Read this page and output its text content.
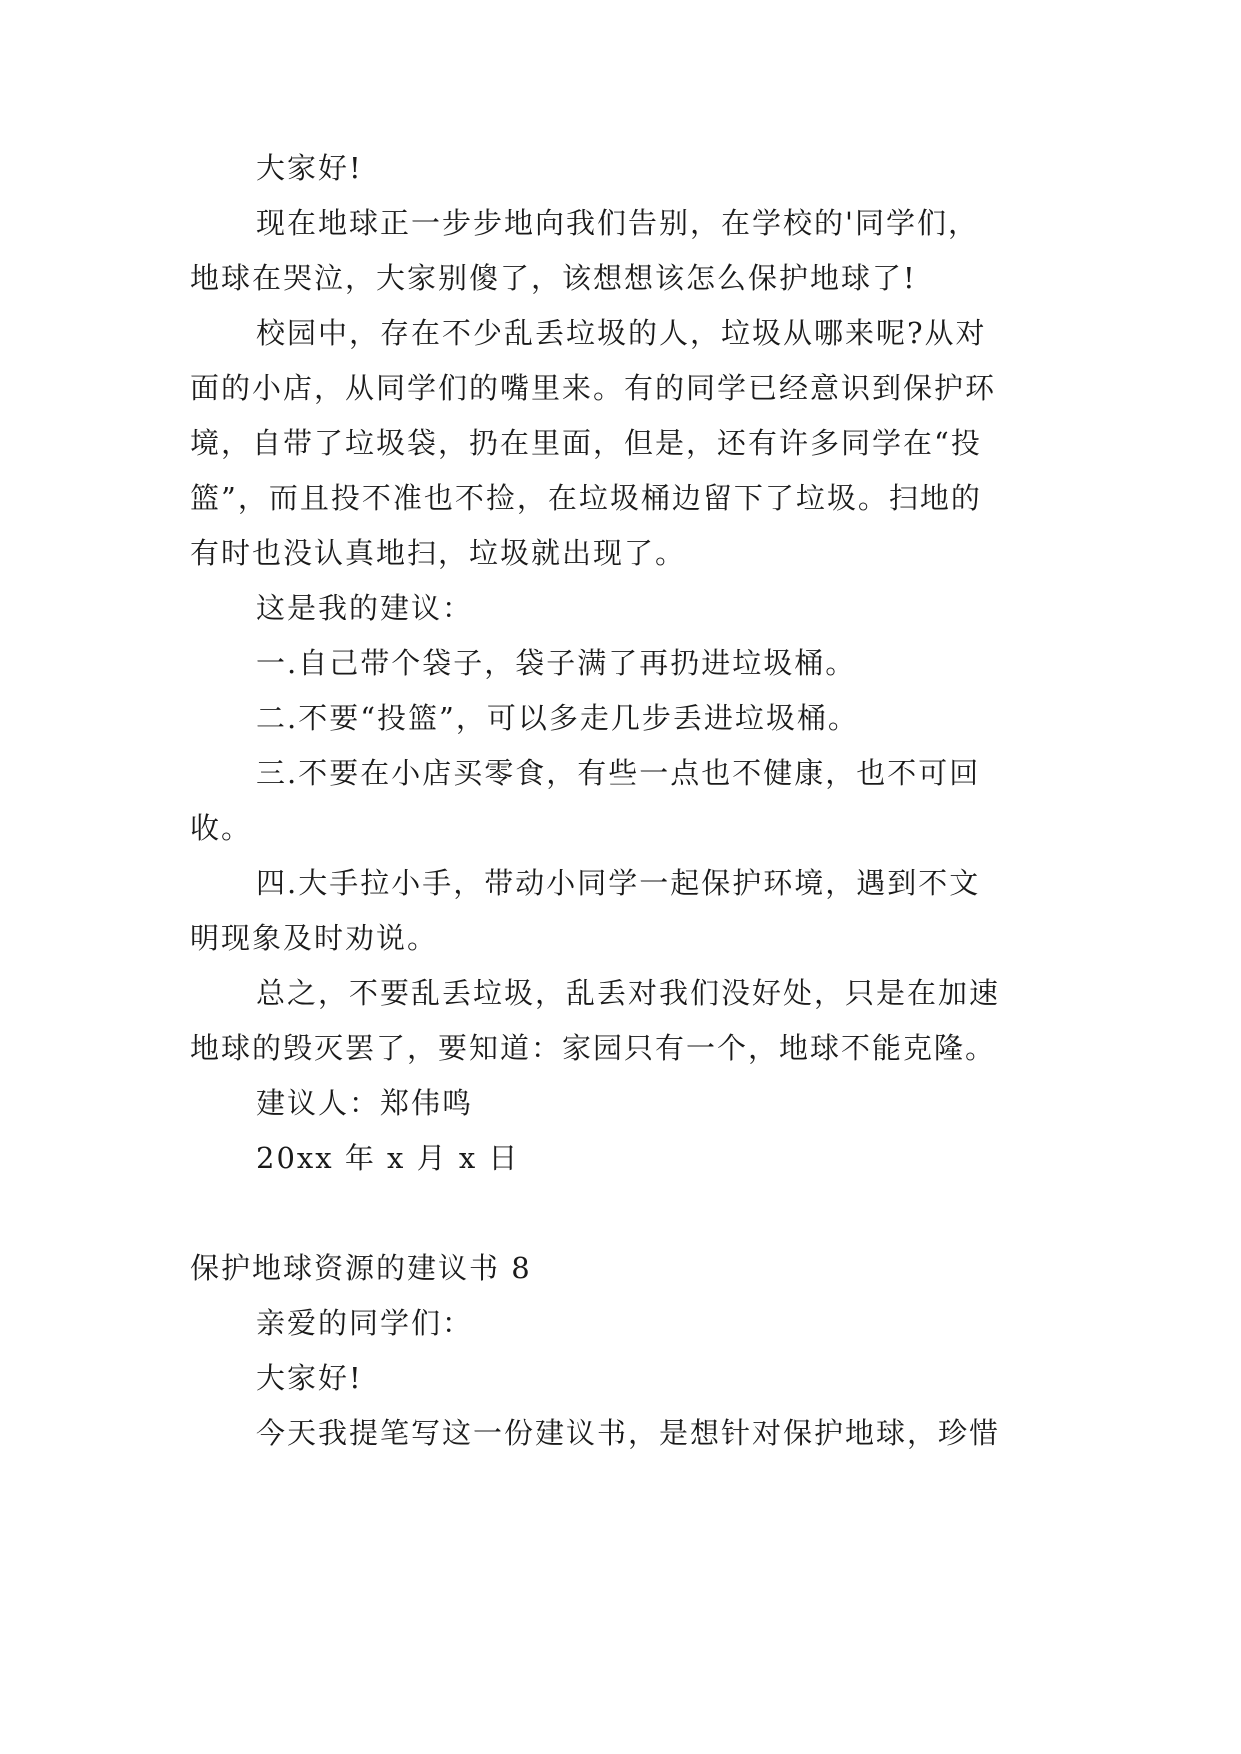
大家好!
现在地球正一步步地向我们告别，在学校的'同学们，
地球在哭泣，大家别傻了，该想想该怎么保护地球了!
校园中，存在不少乱丢垃圾的人，垃圾从哪来呢?从对
面的小店，从同学们的嘴里来。有的同学已经意识到保护环
境，自带了垃圾袋，扔在里面，但是，还有许多同学在“投
篮”，而且投不准也不捡，在垃圾桶边留下了垃圾。扫地的
有时也没认真地扫，垃圾就出现了。
这是我的建议：
一.自己带个袋子，袋子满了再扔进垃圾桶。
二.不要“投篮”，可以多走几步丢进垃圾桶。
三.不要在小店买零食，有些一点也不健康，也不可回
收。
四.大手拉小手，带动小同学一起保护环境，遇到不文
明现象及时劝说。
总之，不要乱丢垃圾，乱丢对我们没好处，只是在加速
地球的毁灭罢了，要知道：家园只有一个，地球不能克隆。
建议人：郑伟鸣
20xx 年 x 月 x 日
保护地球资源的建议书 8
亲爱的同学们：
大家好!
今天我提笔写这一份建议书，是想针对保护地球，珍惜
